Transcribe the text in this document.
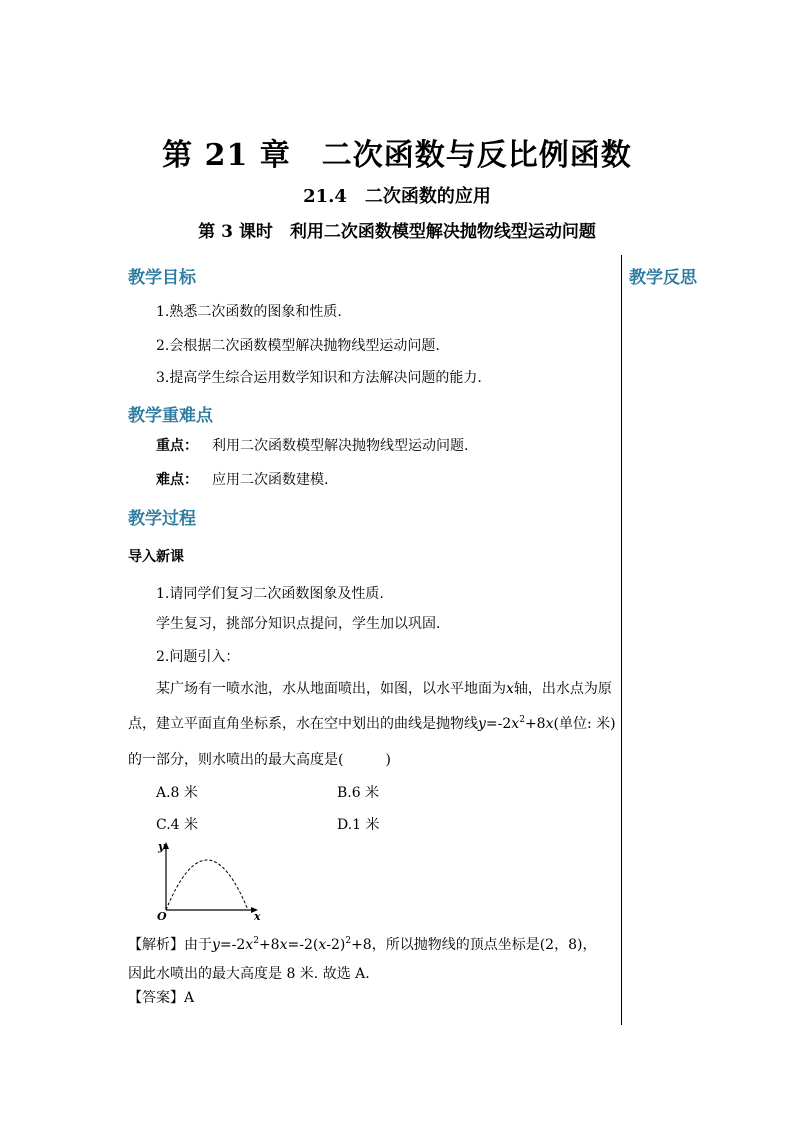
第 21 章　二次函数与反比例函数
21.4　二次函数的应用
第 3 课时　利用二次函数模型解决抛物线型运动问题
教学反思
教学目标
1.熟悉二次函数的图象和性质.
2.会根据二次函数模型解决抛物线型运动问题.
3.提高学生综合运用数学知识和方法解决问题的能力.
教学重难点
重点： 利用二次函数模型解决抛物线型运动问题.
难点： 应用二次函数建模.
教学过程
导入新课
1.请同学们复习二次函数图象及性质.
学生复习，挑部分知识点提问，学生加以巩固.
2.问题引入：
某广场有一喷水池，水从地面喷出，如图，以水平地面为x轴，出水点为原
点，建立平面直角坐标系，水在空中划出的曲线是抛物线$y=-2x^2+8x$(单位: 米)
的一部分，则水喷出的最大高度是(　　　)
A.8 米	B.6 米
C.4 米	D.1 米
y
x
O
【解析】由于$y=-2x^2+8x=-2(x-2)^2+8$，所以抛物线的顶点坐标是(2，8)，
因此水喷出的最大高度是 8 米. 故选 A.
【答案】A
